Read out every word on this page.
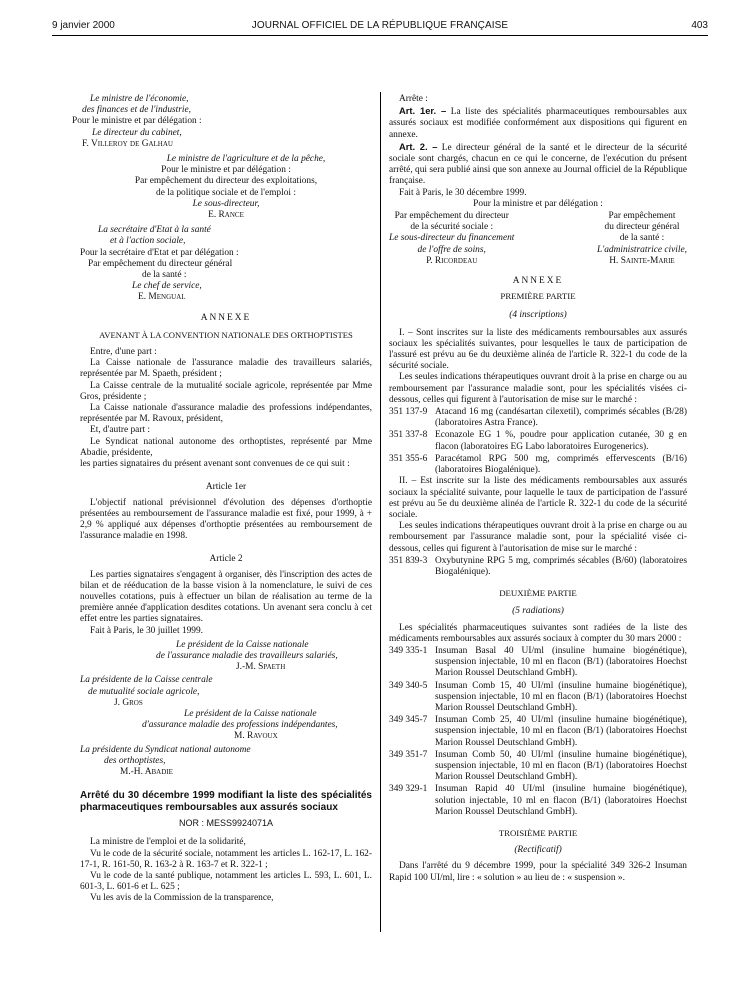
9 janvier 2000	JOURNAL OFFICIEL DE LA RÉPUBLIQUE FRANÇAISE	403

Le ministre de l'économie,

des finances et de l'industrie,

Pour le ministre et par délégation :

Le directeur du cabinet,

F. Villeroy de Galhau

Le ministre de l'agriculture et de la pêche,

Pour le ministre et par délégation :

Par empêchement du directeur des exploitations,

de la politique sociale et de l'emploi :

Le sous-directeur,

E. Rance

La secrétaire d'Etat à la santé

et à l'action sociale,

Pour la secrétaire d'Etat et par délégation :

Par empêchement du directeur général

de la santé :

Le chef de service,

E. Mengual

ANNEXE

AVENANT À LA CONVENTION NATIONALE DES ORTHOPTISTES

Entre, d'une part :

La Caisse nationale de l'assurance maladie des travailleurs salariés, représentée par M. Spaeth, président ;

La Caisse centrale de la mutualité sociale agricole, représentée par Mme Gros, présidente ;

La Caisse nationale d'assurance maladie des professions indépendantes, représentée par M. Ravoux, président,

Et, d'autre part :

Le Syndicat national autonome des orthoptistes, représenté par Mme Abadie, présidente,

les parties signataires du présent avenant sont convenues de ce qui suit :

Article 1er

L'objectif national prévisionnel d'évolution des dépenses d'orthoptie présentées au remboursement de l'assurance maladie est fixé, pour 1999, à + 2,9 % appliqué aux dépenses d'orthoptie présentées au remboursement de l'assurance maladie en 1998.

Article 2

Les parties signataires s'engagent à organiser, dès l'inscription des actes de bilan et de rééducation de la basse vision à la nomenclature, le suivi de ces nouvelles cotations, puis à effectuer un bilan de réalisation au terme de la première année d'application desdites cotations. Un avenant sera conclu à cet effet entre les parties signataires.

Fait à Paris, le 30 juillet 1999.

Le président de la Caisse nationale

de l'assurance maladie des travailleurs salariés,

J.-M. Spaeth

La présidente de la Caisse centrale

de mutualité sociale agricole,

J. Gros

Le président de la Caisse nationale

d'assurance maladie des professions indépendantes,

M. Ravoux

La présidente du Syndicat national autonome

des orthoptistes,

M.-H. Abadie

Arrêté du 30 décembre 1999 modifiant la liste des spécialités pharmaceutiques remboursables aux assurés sociaux

NOR : MESS9924071A

La ministre de l'emploi et de la solidarité,

Vu le code de la sécurité sociale, notamment les articles L. 162-17, L. 162-17-1, R. 161-50, R. 163-2 à R. 163-7 et R. 322-1 ;

Vu le code de la santé publique, notamment les articles L. 593, L. 601, L. 601-3, L. 601-6 et L. 625 ;

Vu les avis de la Commission de la transparence,

Arrête :

Art. 1er. – La liste des spécialités pharmaceutiques remboursables aux assurés sociaux est modifiée conformément aux dispositions qui figurent en annexe.

Art. 2. – Le directeur général de la santé et le directeur de la sécurité sociale sont chargés, chacun en ce qui le concerne, de l'exécution du présent arrêté, qui sera publié ainsi que son annexe au Journal officiel de la République française.

Fait à Paris, le 30 décembre 1999.

Pour la ministre et par délégation :

Par empêchement du directeur

de la sécurité sociale :

Le sous-directeur du financement

de l'offre de soins,

P. Ricordeau

Par empêchement

du directeur général

de la santé :

L'administratrice civile,

H. Sainte-Marie

ANNEXE

PREMIÈRE PARTIE

(4 inscriptions)

I. – Sont inscrites sur la liste des médicaments remboursables aux assurés sociaux les spécialités suivantes, pour lesquelles le taux de participation de l'assuré est prévu au 6e du deuxième alinéa de l'article R. 322-1 du code de la sécurité sociale.

Les seules indications thérapeutiques ouvrant droit à la prise en charge ou au remboursement par l'assurance maladie sont, pour les spécialités visées ci-dessous, celles qui figurent à l'autorisation de mise sur le marché :

351 137-9 Atacand 16 mg (candésartan cilexetil), comprimés sécables (B/28) (laboratoires Astra France).
351 337-8 Econazole EG 1 %, poudre pour application cutanée, 30 g en flacon (laboratoires EG Labo laboratoires Eurogenerics).
351 355-6 Paracétamol RPG 500 mg, comprimés effervescents (B/16) (laboratoires Biogalénique).

II. – Est inscrite sur la liste des médicaments remboursables aux assurés sociaux la spécialité suivante, pour laquelle le taux de participation de l'assuré est prévu au 5e du deuxième alinéa de l'article R. 322-1 du code de la sécurité sociale.

Les seules indications thérapeutiques ouvrant droit à la prise en charge ou au remboursement par l'assurance maladie sont, pour la spécialité visée ci-dessous, celles qui figurent à l'autorisation de mise sur le marché :

351 839-3 Oxybutynine RPG 5 mg, comprimés sécables (B/60) (laboratoires Biogalénique).

DEUXIÈME PARTIE

(5 radiations)

Les spécialités pharmaceutiques suivantes sont radiées de la liste des médicaments remboursables aux assurés sociaux à compter du 30 mars 2000 :

349 335-1 Insuman Basal 40 UI/ml (insuline humaine biogénétique), suspension injectable, 10 ml en flacon (B/1) (laboratoires Hoechst Marion Roussel Deutschland GmbH).
349 340-5 Insuman Comb 15, 40 UI/ml (insuline humaine biogénétique), suspension injectable, 10 ml en flacon (B/1) (laboratoires Hoechst Marion Roussel Deutschland GmbH).
349 345-7 Insuman Comb 25, 40 UI/ml (insuline humaine biogénétique), suspension injectable, 10 ml en flacon (B/1) (laboratoires Hoechst Marion Roussel Deutschland GmbH).
349 351-7 Insuman Comb 50, 40 UI/ml (insuline humaine biogénétique), suspension injectable, 10 ml en flacon (B/1) (laboratoires Hoechst Marion Roussel Deutschland GmbH).
349 329-1 Insuman Rapid 40 UI/ml (insuline humaine biogénétique), solution injectable, 10 ml en flacon (B/1) (laboratoires Hoechst Marion Roussel Deutschland GmbH).

TROISIÈME PARTIE

(Rectificatif)

Dans l'arrêté du 9 décembre 1999, pour la spécialité 349 326-2 Insuman Rapid 100 UI/ml, lire : « solution » au lieu de : « suspension ».
